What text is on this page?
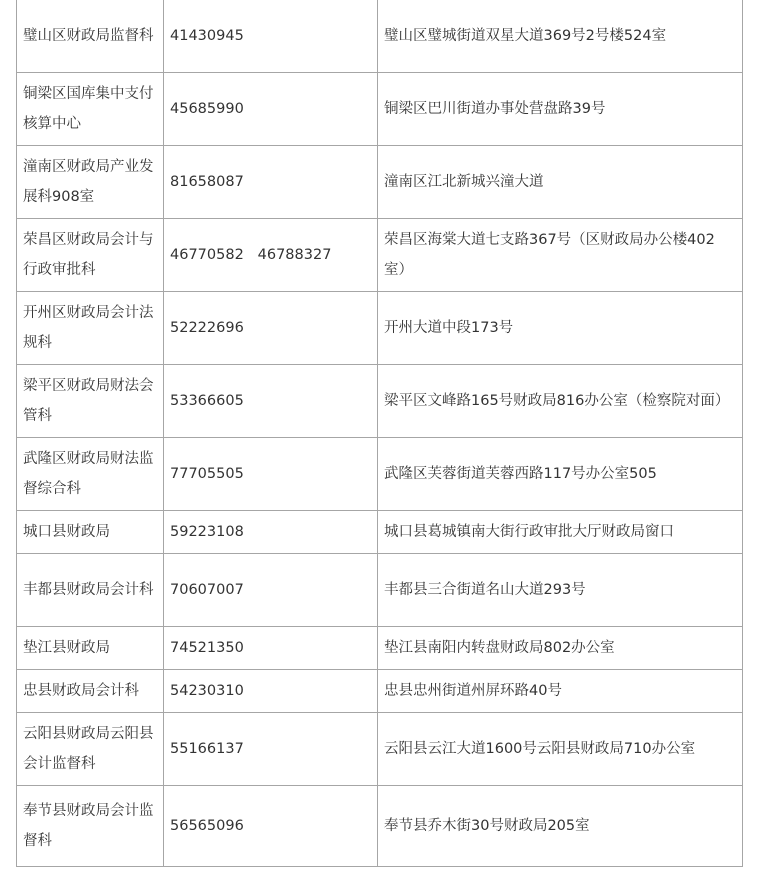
璧山区财政局监督科	41430945	璧山区璧城街道双星大道369号2号楼524室
铜梁区国库集中支付核算中心	45685990	铜梁区巴川街道办事处营盘路39号
潼南区财政局产业发展科908室	81658087	潼南区江北新城兴潼大道
荣昌区财政局会计与行政审批科	46770582   46788327	荣昌区海棠大道七支路367号（区财政局办公楼402室）
开州区财政局会计法规科	52222696	开州大道中段173号
梁平区财政局财法会管科	53366605	梁平区文峰路165号财政局816办公室（检察院对面）
武隆区财政局财法监督综合科	77705505	武隆区芙蓉街道芙蓉西路117号办公室505
城口县财政局	59223108	城口县葛城镇南大街行政审批大厅财政局窗口
丰都县财政局会计科	70607007	丰都县三合街道名山大道293号
垫江县财政局	74521350	垫江县南阳内转盘财政局802办公室
忠县财政局会计科	54230310	忠县忠州街道州屏环路40号
云阳县财政局云阳县会计监督科	55166137	云阳县云江大道1600号云阳县财政局710办公室
奉节县财政局会计监督科	56565096	奉节县乔木街30号财政局205室
